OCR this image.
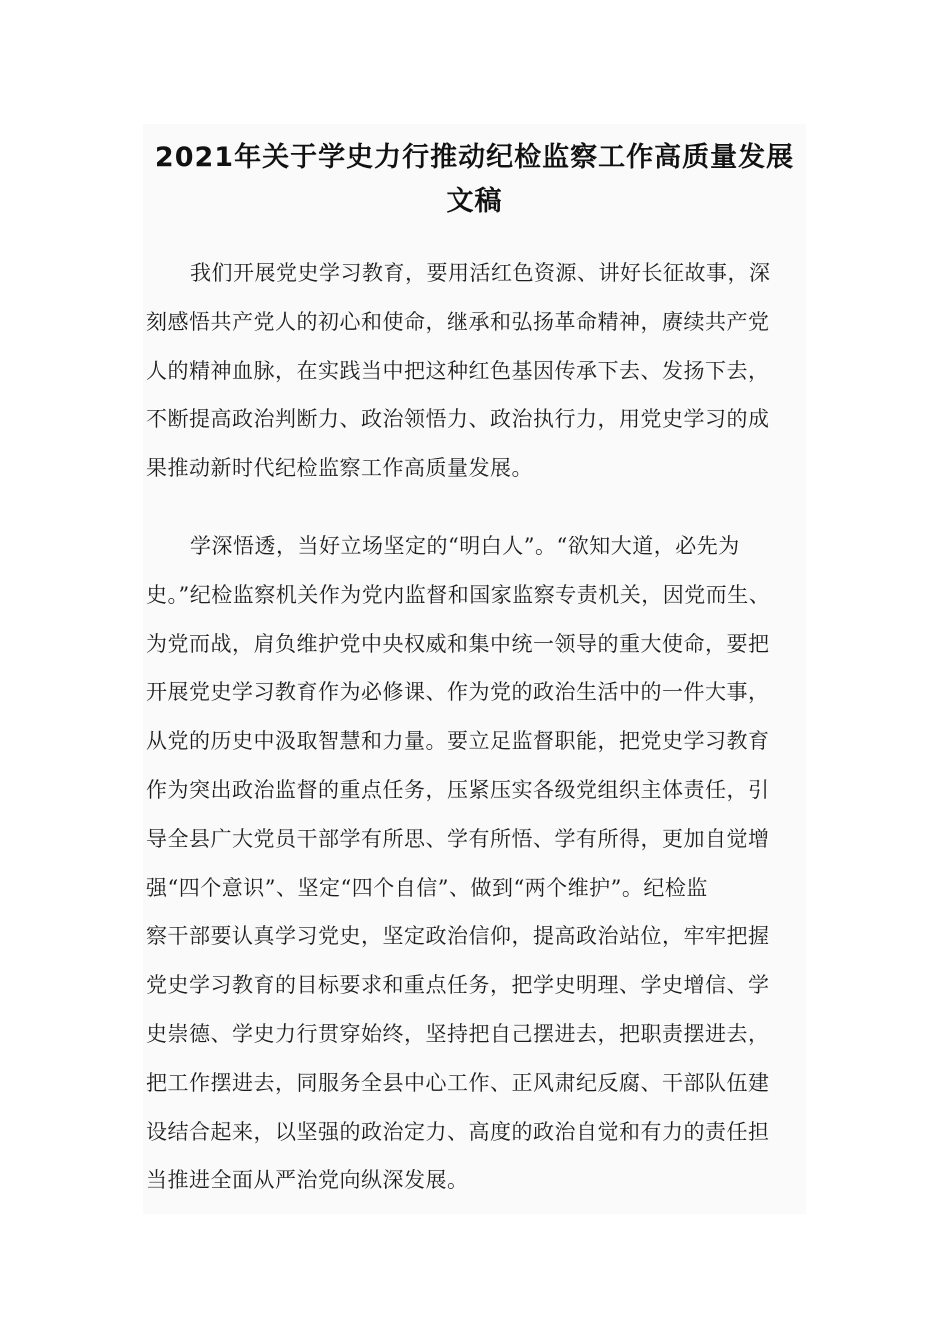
2021年关于学史力行推动纪检监察工作高质量发展
文稿
我们开展党史学习教育，要用活红色资源、讲好长征故事，深
刻感悟共产党人的初心和使命，继承和弘扬革命精神，赓续共产党
人的精神血脉，在实践当中把这种红色基因传承下去、发扬下去，
不断提高政治判断力、政治领悟力、政治执行力，用党史学习的成
果推动新时代纪检监察工作高质量发展。
学深悟透，当好立场坚定的“明白人”。“欲知大道，必先为
史。”纪检监察机关作为党内监督和国家监察专责机关，因党而生、
为党而战，肩负维护党中央权威和集中统一领导的重大使命，要把
开展党史学习教育作为必修课、作为党的政治生活中的一件大事，
从党的历史中汲取智慧和力量。要立足监督职能，把党史学习教育
作为突出政治监督的重点任务，压紧压实各级党组织主体责任，引
导全县广大党员干部学有所思、学有所悟、学有所得，更加自觉增
强“四个意识”、坚定“四个自信”、做到“两个维护”。纪检监
察干部要认真学习党史，坚定政治信仰，提高政治站位，牢牢把握
党史学习教育的目标要求和重点任务，把学史明理、学史增信、学
史崇德、学史力行贯穿始终，坚持把自己摆进去，把职责摆进去，
把工作摆进去，同服务全县中心工作、正风肃纪反腐、干部队伍建
设结合起来，以坚强的政治定力、高度的政治自觉和有力的责任担
当推进全面从严治党向纵深发展。
